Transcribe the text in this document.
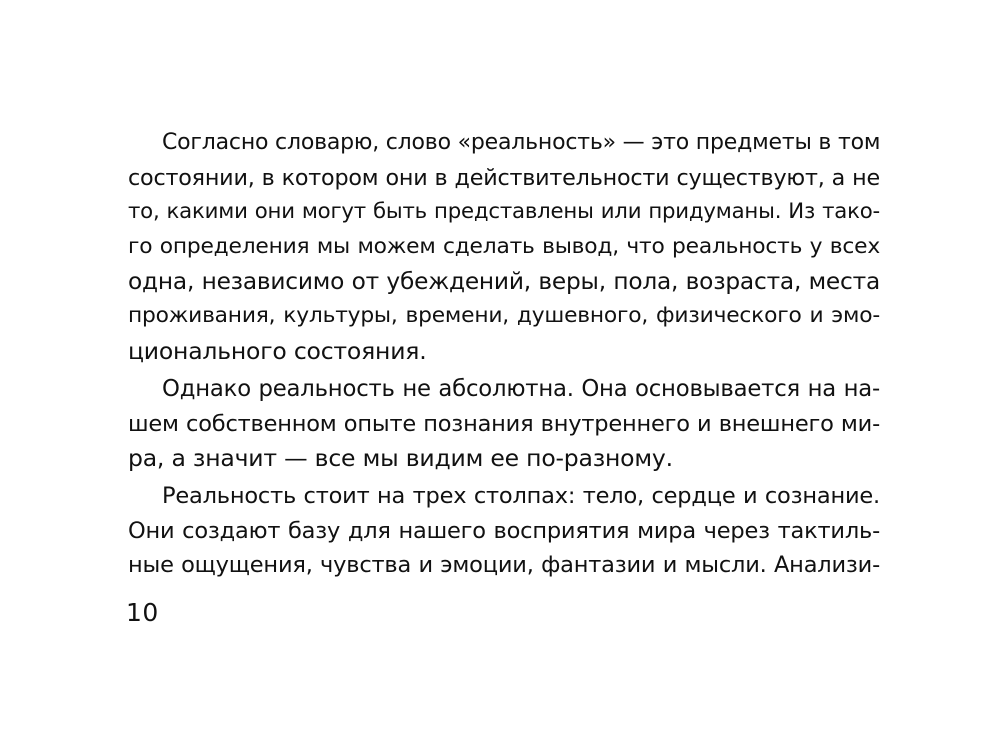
Согласно словарю, слово «реальность» — это предметы в том
состоянии, в котором они в действительности существуют, а не
то, какими они могут быть представлены или придуманы. Из тако-
го определения мы можем сделать вывод, что реальность у всех
одна, независимо от убеждений, веры, пола, возраста, места
проживания, культуры, времени, душевного, физического и эмо-
ционального состояния.
Однако реальность не абсолютна. Она основывается на на-
шем собственном опыте познания внутреннего и внешнего ми-
ра, а значит — все мы видим ее по-разному.
Реальность стоит на трех столпах: тело, сердце и сознание.
Они создают базу для нашего восприятия мира через тактиль-
ные ощущения, чувства и эмоции, фантазии и мысли. Анализи-
10
